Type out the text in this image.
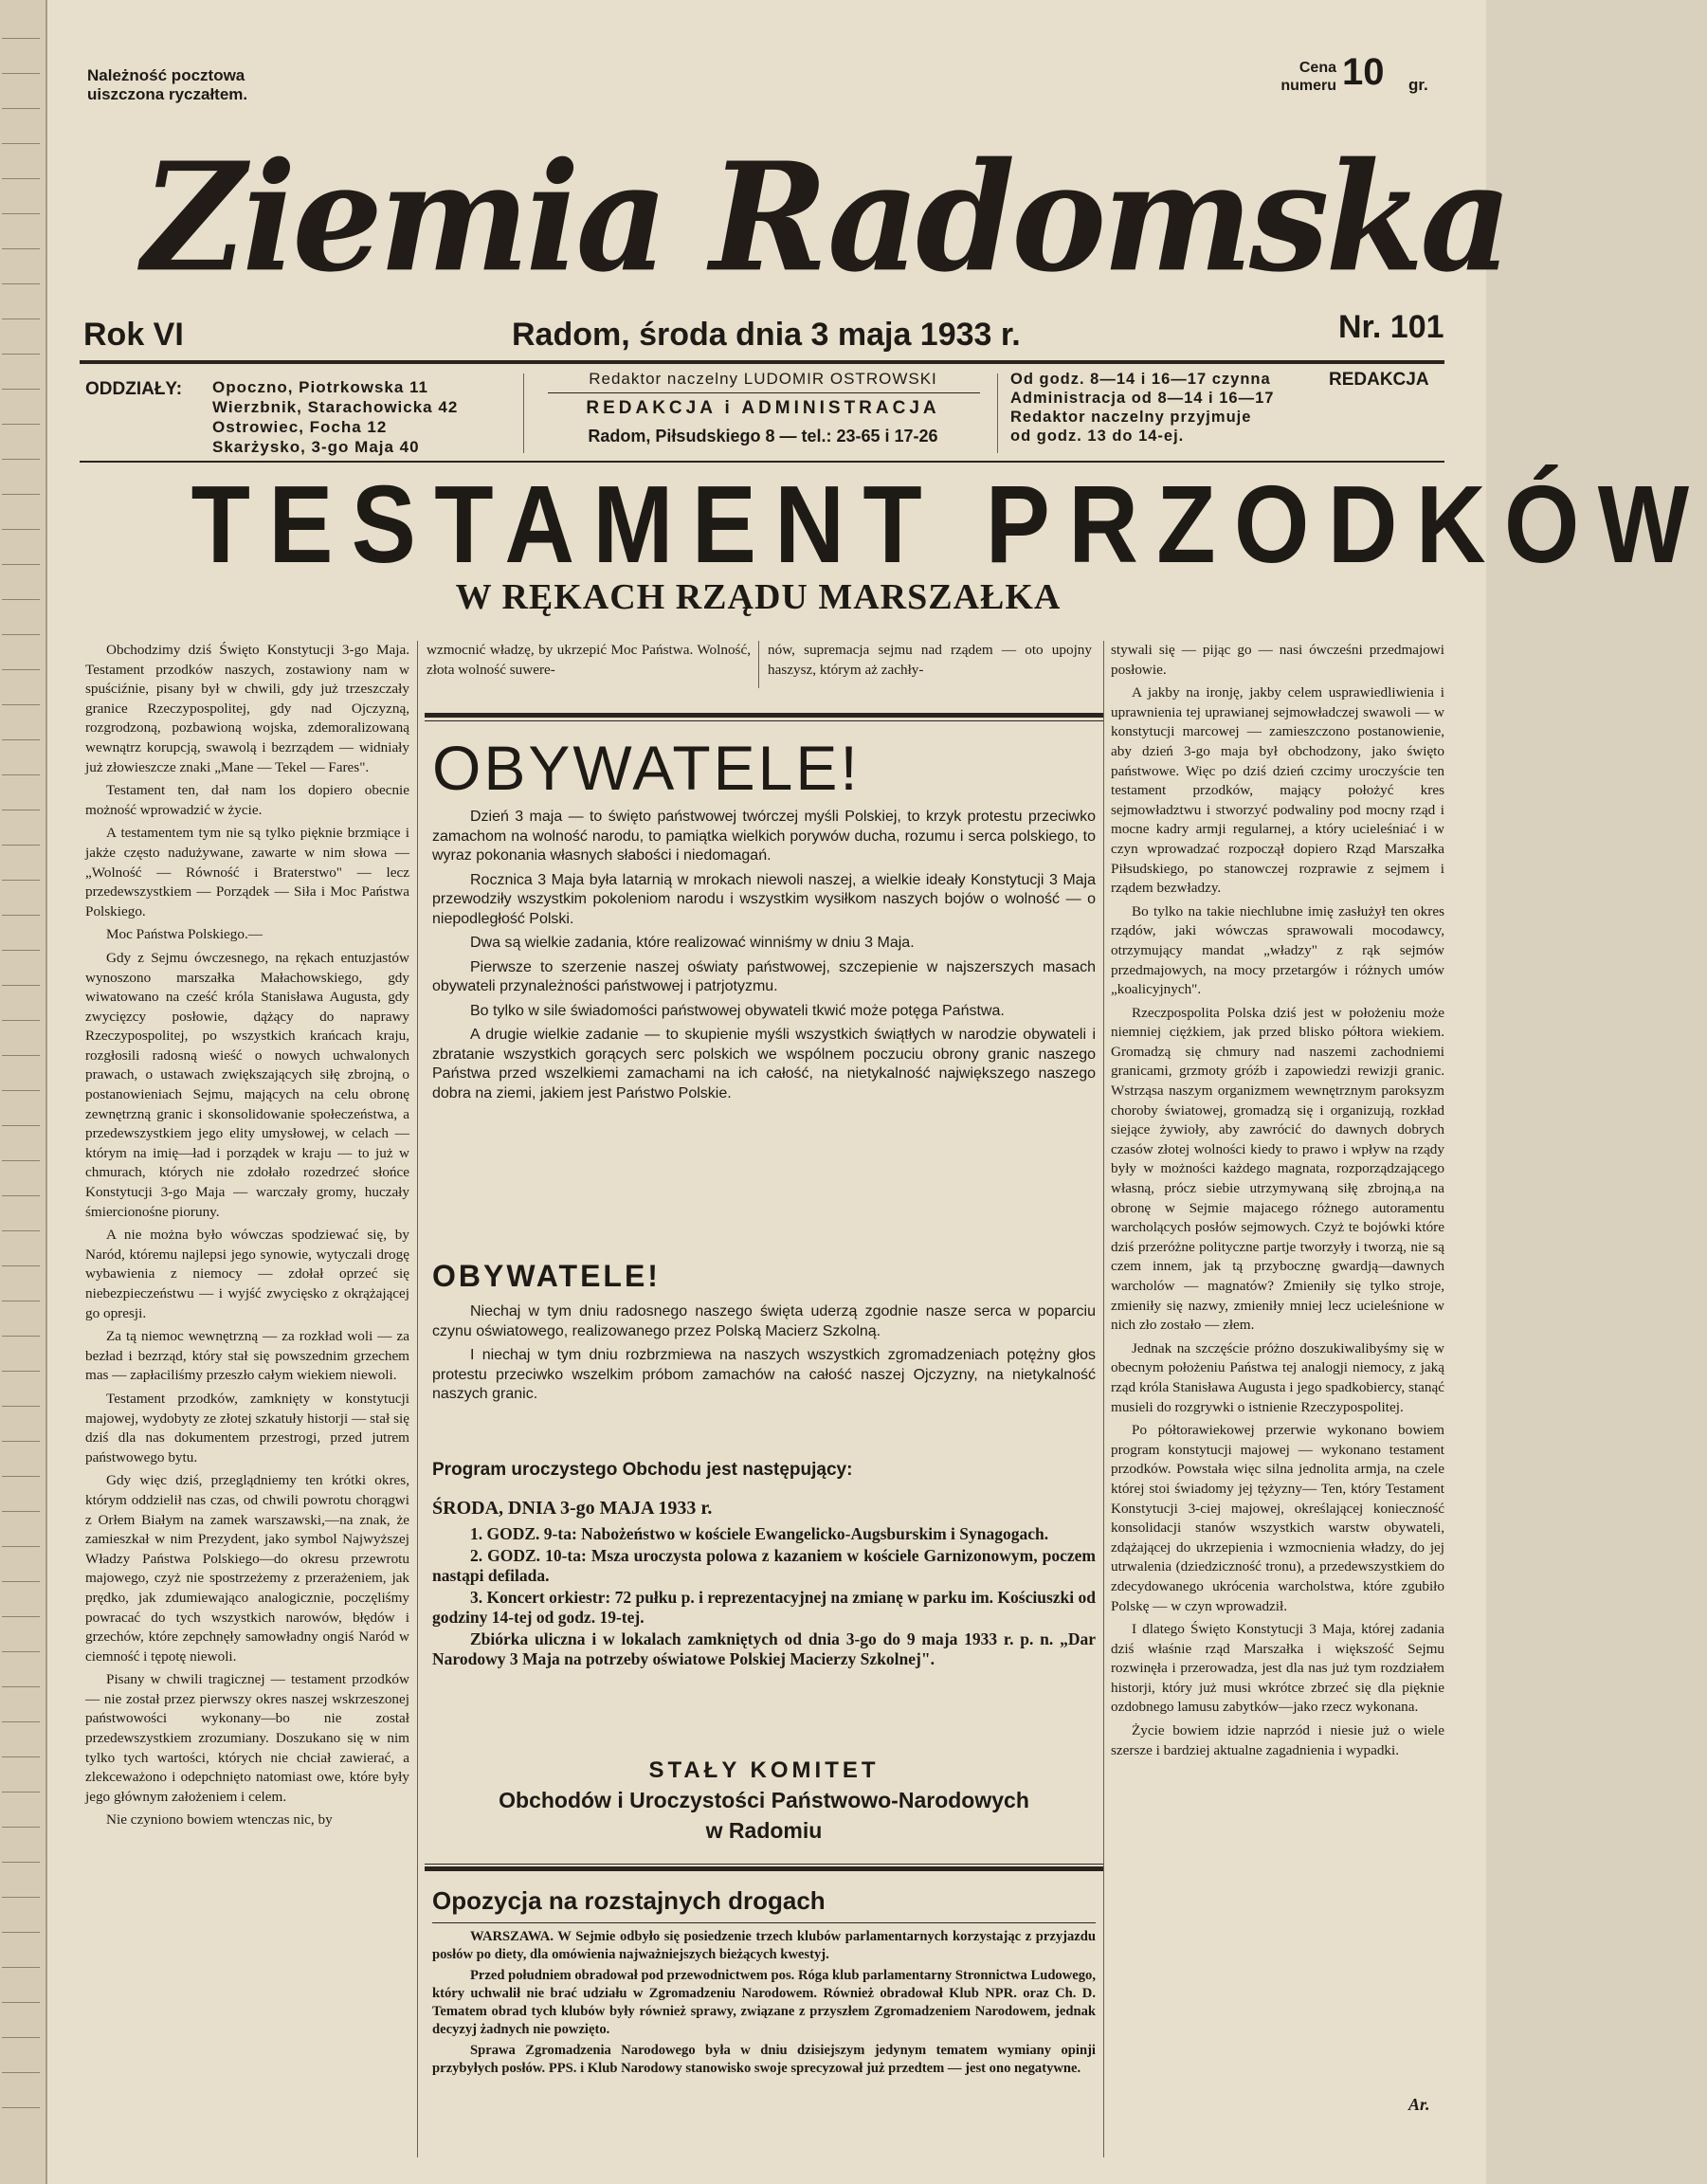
Należność pocztowa
uiszczona ryczałtem.
Cena
numeru 10 gr.
Ziemia Radomska
Rok VI	Radom, środa dnia 3 maja 1933 r.	Nr. 101
ODDZIAŁY: Opoczno, Piotrkowska 11
Wierzbnik, Starachowicka 42
Ostrowiec, Focha 12
Skarżysko, 3-go Maja 40
Redaktor naczelny LUDOMIR OSTROWSKI
REDAKCJA i ADMINISTRACJA
Radom, Piłsudskiego 8 — tel.: 23-65 i 17-26
Od godz. 8—14 i 16—17 czynna
Administracja od 8—14 i 16—17
Redaktor naczelny przyjmuje
od godz. 13 do 14-ej.
REDAKCJA
TESTAMENT PRZODKÓW
W RĘKACH RZĄDU MARSZAŁKA

Obchodzimy dziś Święto Konstytucji 3-go Maja. Testament przodków naszych, zostawiony nam w spuściźnie, pisany był w chwili, gdy już trzeszczały granice Rzeczypospolitej, gdy nad Ojczyzną, rozgrodzoną, pozbawioną wojska, zdemoralizowaną wewnątrz korupcją, swawolą i bezrządem — widniały już złowieszcze znaki „Mane — Tekel — Fares".

Testament ten, dał nam los dopiero obecnie możność wprowadzić w życie.

A testamentem tym nie są tylko pięknie brzmiące i jakże często nadużywane, zawarte w nim słowa —„Wolność — Równość i Braterstwo" — lecz przedewszystkiem — Porządek — Siła i Moc Państwa Polskiego.

Moc Państwa Polskiego.—

Gdy z Sejmu ówczesnego, na rękach entuzjastów wynoszono marszałka Małachowskiego, gdy wiwatowano na cześć króla Stanisława Augusta, gdy zwycięzcy posłowie, dążący do naprawy Rzeczypospolitej, po wszystkich krańcach kraju, rozgłosili radosną wieść o nowych uchwalonych prawach, o ustawach zwiększających siłę zbrojną, o postanowieniach Sejmu, mających na celu obronę zewnętrzną granic i skonsolidowanie społeczeństwa, a przedewszystkiem jego elity umysłowej, w celach — którym na imię—ład i porządek w kraju — to już w chmurach, których nie zdołało rozedrzeć słońce Konstytucji 3-go Maja — warczały gromy, huczały śmiercionośne pioruny.

A nie można było wówczas spodziewać się, by Naród, któremu najlepsi jego synowie, wytyczali drogę wybawienia z niemocy — zdołał oprzeć się niebezpieczeństwu — i wyjść zwycięsko z okrążającej go opresji.

Za tą niemoc wewnętrzną — za rozkład woli — za bezład i bezrząd, który stał się powszednim grzechem mas — zapłaciliśmy przeszło całym wiekiem niewoli.

Testament przodków, zamknięty w konstytucji majowej, wydobyty ze złotej szkatuły historji — stał się dziś dla nas dokumentem przestrogi, przed jutrem państwowego bytu.

Gdy więc dziś, przeglądniemy ten krótki okres, którym oddzielił nas czas, od chwili powrotu chorągwi z Orłem Białym na zamek warszawski,—na znak, że zamieszkał w nim Prezydent, jako symbol Najwyższej Władzy Państwa Polskiego—do okresu przewrotu majowego, czyż nie spostrzeżemy z przerażeniem, jak prędko, jak zdumiewająco analogicznie, poczęliśmy powracać do tych wszystkich narowów, błędów i grzechów, które zepchnęły samowładny ongiś Naród w ciemność i tępotę niewoli.

Pisany w chwili tragicznej — testament przodków — nie został przez pierwszy okres naszej wskrzeszonej państwowości wykonany—bo nie został przedewszystkiem zrozumiany. Doszukano się w nim tylko tych wartości, których nie chciał zawierać, a zlekceważono i odepchnięto natomiast owe, które były jego głównym założeniem i celem.

Nie czyniono bowiem wtenczas nic, by

wzmocnić władzę, by ukrzepić Moc Państwa. Wolność, złota wolność suwere-

nów, supremacja sejmu nad rządem — oto upojny haszysz, którym aż zachły-

OBYWATELE!

Dzień 3 maja — to święto państwowej twórczej myśli Polskiej, to krzyk protestu przeciwko zamachom na wolność narodu, to pamiątka wielkich porywów ducha, rozumu i serca polskiego, to wyraz pokonania własnych słabości i niedomagań.

Rocznica 3 Maja była latarnią w mrokach niewoli naszej, a wielkie ideały Konstytucji 3 Maja przewodziły wszystkim pokoleniom narodu i wszystkim wysiłkom naszych bojów o wolność — o niepodległość Polski.

Dwa są wielkie zadania, które realizować winniśmy w dniu 3 Maja.

Pierwsze to szerzenie naszej oświaty państwowej, szczepienie w najszerszych masach obywateli przynależności państwowej i patrjotyzmu.

Bo tylko w sile świadomości państwowej obywateli tkwić może potęga Państwa.

A drugie wielkie zadanie — to skupienie myśli wszystkich świątłych w narodzie obywateli i zbratanie wszystkich gorących serc polskich we wspólnem poczuciu obrony granic naszego Państwa przed wszelkiemi zamachami na ich całość, na nietykalność największego naszego dobra na ziemi, jakiem jest Państwo Polskie.

OBYWATELE!

Niechaj w tym dniu radosnego naszego święta uderzą zgodnie nasze serca w poparciu czynu oświatowego, realizowanego przez Polską Macierz Szkolną.

I niechaj w tym dniu rozbrzmiewa na naszych wszystkich zgromadzeniach potężny głos protestu przeciwko wszelkim próbom zamachów na całość naszej Ojczyzny, na nietykalność naszych granic.

Program uroczystego Obchodu jest następujący:
ŚRODA, DNIA 3-go MAJA 1933 r.

1. GODZ. 9-ta: Nabożeństwo w kościele Ewangelicko-Augsburskim i Synagogach.

2. GODZ. 10-ta: Msza uroczysta polowa z kazaniem w kościele Garnizonowym, poczem nastąpi defilada.

3. Koncert orkiestr: 72 pułku p. i reprezentacyjnej na zmianę w parku im. Kościuszki od godziny 14-tej od godz. 19-tej.

Zbiórka uliczna i w lokalach zamkniętych od dnia 3-go do 9 maja 1933 r. p. n. „Dar Narodowy 3 Maja na potrzeby oświatowe Polskiej Macierzy Szkolnej".

STAŁY KOMITET
Obchodów i Uroczystości Państwowo-Narodowych
w Radomiu
Opozycja na rozstajnych drogach

WARSZAWA. W Sejmie odbyło się posiedzenie trzech klubów parlamentarnych korzystając z przyjazdu posłów po diety, dla omówienia najważniejszych bieżących kwestyj.

Przed południem obradował pod przewodnictwem pos. Róga klub parlamentarny Stronnictwa Ludowego, który uchwalił nie brać udziału w Zgromadzeniu Narodowem. Również obradował Klub NPR. oraz Ch. D. Tematem obrad tych klubów były również sprawy, związane z przyszłem Zgromadzeniem Narodowem, jednak decyzyj żadnych nie powzięto.

Sprawa Zgromadzenia Narodowego była w dniu dzisiejszym jedynym tematem wymiany opinji przybyłych posłów. PPS. i Klub Narodowy stanowisko swoje sprecyzował już przedtem — jest ono negatywne.

stywali się — pijąc go — nasi ówcześni przedmajowi posłowie.

A jakby na ironję, jakby celem usprawiedliwienia i uprawnienia tej uprawianej sejmowładczej swawoli — w konstytucji marcowej — zamieszczono postanowienie, aby dzień 3-go maja był obchodzony, jako święto państwowe. Więc po dziś dzień czcimy uroczyście ten testament przodków, mający położyć kres sejmowładztwu i stworzyć podwaliny pod mocny rząd i mocne kadry armji regularnej, a który ucieleśniać i w czyn wprowadzać rozpoczął dopiero Rząd Marszałka Piłsudskiego, po stanowczej rozprawie z sejmem i rządem bezwładzy.

Bo tylko na takie niechlubne imię zasłużył ten okres rządów, jaki wówczas sprawowali mocodawcy, otrzymujący mandat „władzy" z rąk sejmów przedmajowych, na mocy przetargów i różnych umów „koalicyjnych".

Rzeczpospolita Polska dziś jest w położeniu może niemniej ciężkiem, jak przed blisko półtora wiekiem. Gromadzą się chmury nad naszemi zachodniemi granicami, grzmoty gróźb i zapowiedzi rewizji granic. Wstrząsa naszym organizmem wewnętrznym paroksyzm choroby światowej, gromadzą się i organizują, rozkład siejące żywioły, aby zawrócić do dawnych dobrych czasów złotej wolności kiedy to prawo i wpływ na rządy były w możności każdego magnata, rozporządzającego własną, prócz siebie utrzymywaną siłę zbrojną,a na obronę w Sejmie majacego różnego autoramentu warcholących posłów sejmowych. Czyż te bojówki które dziś przeróżne polityczne partje tworzyły i tworzą, nie są czem innem, jak tą przybocznę gwardją—dawnych warcholów — magnatów? Zmieniły się tylko stroje, zmieniły się nazwy, zmieniły mniej lecz ucieleśnione w nich zło zostało — złem.

Jednak na szczęście próżno doszukiwalibyśmy się w obecnym położeniu Państwa tej analogji niemocy, z jaką rząd króla Stanisława Augusta i jego spadkobiercy, stanąć musieli do rozgrywki o istnienie Rzeczypospolitej.

Po półtorawiekowej przerwie wykonano bowiem program konstytucji majowej — wykonano testament przodków. Powstała więc silna jednolita armja, na czele której stoi świadomy jej tężyzny— Ten, który Testament Konstytucji 3-ciej majowej, określającej konieczność konsolidacji stanów wszystkich warstw obywateli, zdążającej do ukrzepienia i wzmocnienia władzy, do jej utrwalenia (dziedziczność tronu), a przedewszystkiem do zdecydowanego ukrócenia warcholstwa, które zgubiło Polskę — w czyn wprowadził.

I dlatego Święto Konstytucji 3 Maja, której zadania dziś właśnie rząd Marszałka i większość Sejmu rozwinęła i przerowadza, jest dla nas już tym rozdziałem historji, który już musi wkrótce zbrzeć się dla pięknie ozdobnego lamusu zabytków—jako rzecz wykonana.

Życie bowiem idzie naprzód i niesie już o wiele szersze i bardziej aktualne zagadnienia i wypadki.

Ar.
